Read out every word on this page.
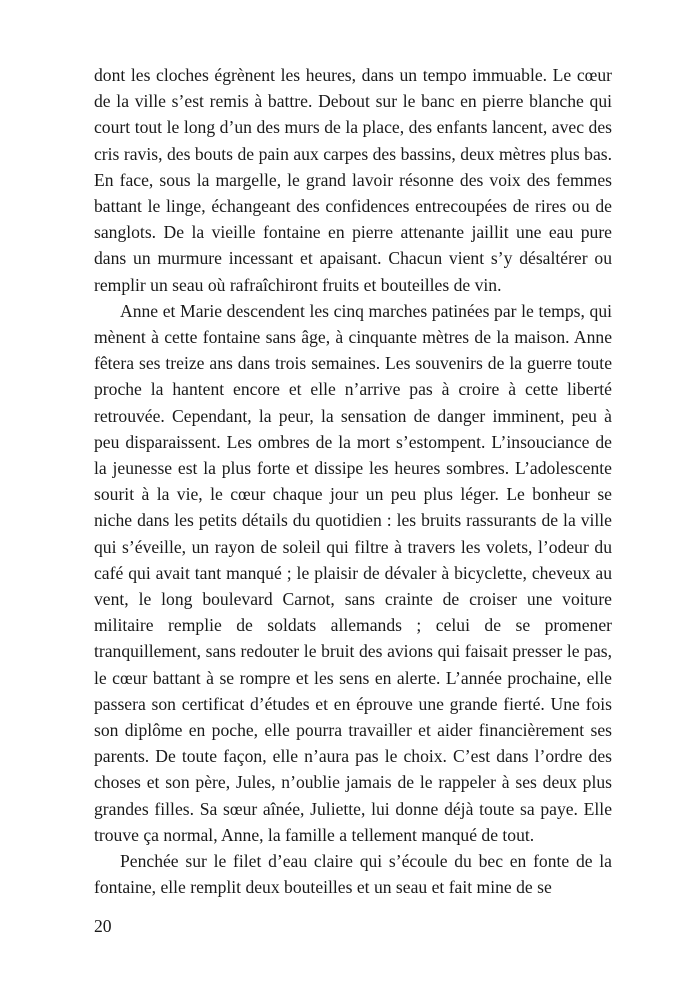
dont les cloches égrènent les heures, dans un tempo immuable. Le cœur de la ville s’est remis à battre. Debout sur le banc en pierre blanche qui court tout le long d’un des murs de la place, des enfants lancent, avec des cris ravis, des bouts de pain aux carpes des bassins, deux mètres plus bas. En face, sous la margelle, le grand lavoir résonne des voix des femmes battant le linge, échangeant des confidences entrecoupées de rires ou de sanglots. De la vieille fontaine en pierre attenante jaillit une eau pure dans un murmure incessant et apaisant. Chacun vient s’y désaltérer ou remplir un seau où rafraîchiront fruits et bouteilles de vin.

Anne et Marie descendent les cinq marches patinées par le temps, qui mènent à cette fontaine sans âge, à cinquante mètres de la maison. Anne fêtera ses treize ans dans trois semaines. Les souvenirs de la guerre toute proche la hantent encore et elle n’arrive pas à croire à cette liberté retrouvée. Cependant, la peur, la sensation de danger imminent, peu à peu disparaissent. Les ombres de la mort s’estompent. L’insouciance de la jeunesse est la plus forte et dissipe les heures sombres. L’adolescente sourit à la vie, le cœur chaque jour un peu plus léger. Le bonheur se niche dans les petits détails du quotidien : les bruits rassurants de la ville qui s’éveille, un rayon de soleil qui filtre à travers les volets, l’odeur du café qui avait tant manqué ; le plaisir de dévaler à bicyclette, cheveux au vent, le long boulevard Carnot, sans crainte de croiser une voiture militaire remplie de soldats allemands ; celui de se promener tranquillement, sans redouter le bruit des avions qui faisait presser le pas, le cœur battant à se rompre et les sens en alerte. L’année prochaine, elle passera son certificat d’études et en éprouve une grande fierté. Une fois son diplôme en poche, elle pourra travailler et aider financièrement ses parents. De toute façon, elle n’aura pas le choix. C’est dans l’ordre des choses et son père, Jules, n’oublie jamais de le rappeler à ses deux plus grandes filles. Sa sœur aînée, Juliette, lui donne déjà toute sa paye. Elle trouve ça normal, Anne, la famille a tellement manqué de tout.

Penchée sur le filet d’eau claire qui s’écoule du bec en fonte de la fontaine, elle remplit deux bouteilles et un seau et fait mine de se

20
